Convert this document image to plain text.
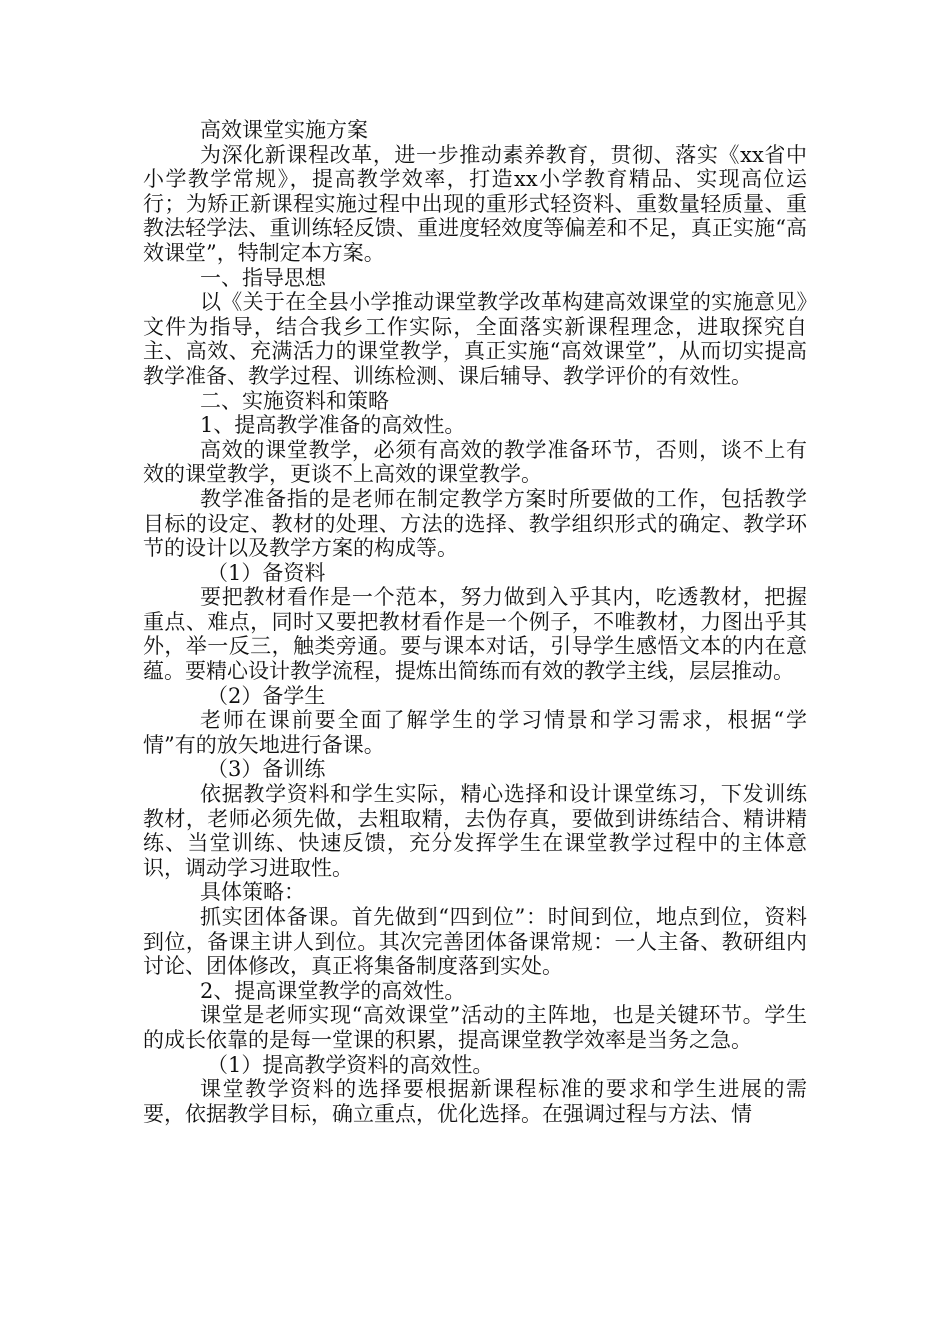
高效课堂实施方案

为深化新课程改革，进一步推动素养教育，贯彻、落实《xx省中小学教学常规》，提高教学效率，打造xx小学教育精品、实现高位运行；为矫正新课程实施过程中出现的重形式轻资料、重数量轻质量、重教法轻学法、重训练轻反馈、重进度轻效度等偏差和不足，真正实施“高效课堂”，特制定本方案。

一、指导思想

以《关于在全县小学推动课堂教学改革构建高效课堂的实施意见》文件为指导，结合我乡工作实际，全面落实新课程理念，进取探究自主、高效、充满活力的课堂教学，真正实施“高效课堂”，从而切实提高教学准备、教学过程、训练检测、课后辅导、教学评价的有效性。

二、实施资料和策略

1、提高教学准备的高效性。

高效的课堂教学，必须有高效的教学准备环节，否则，谈不上有效的课堂教学，更谈不上高效的课堂教学。

教学准备指的是老师在制定教学方案时所要做的工作，包括教学目标的设定、教材的处理、方法的选择、教学组织形式的确定、教学环节的设计以及教学方案的构成等。

（1）备资料

要把教材看作是一个范本，努力做到入乎其内，吃透教材，把握重点、难点，同时又要把教材看作是一个例子，不唯教材，力图出乎其外，举一反三，触类旁通。要与课本对话，引导学生感悟文本的内在意蕴。要精心设计教学流程，提炼出简练而有效的教学主线，层层推动。

（2）备学生

老师在课前要全面了解学生的学习情景和学习需求，根据“学情”有的放矢地进行备课。

（3）备训练

依据教学资料和学生实际，精心选择和设计课堂练习，下发训练教材，老师必须先做，去粗取精，去伪存真，要做到讲练结合、精讲精练、当堂训练、快速反馈，充分发挥学生在课堂教学过程中的主体意识，调动学习进取性。

具体策略：

抓实团体备课。首先做到“四到位”：时间到位，地点到位，资料到位，备课主讲人到位。其次完善团体备课常规：一人主备、教研组内讨论、团体修改，真正将集备制度落到实处。

2、提高课堂教学的高效性。

课堂是老师实现“高效课堂”活动的主阵地，也是关键环节。学生的成长依靠的是每一堂课的积累，提高课堂教学效率是当务之急。

（1）提高教学资料的高效性。

课堂教学资料的选择要根据新课程标准的要求和学生进展的需要，依据教学目标，确立重点，优化选择。在强调过程与方法、情
